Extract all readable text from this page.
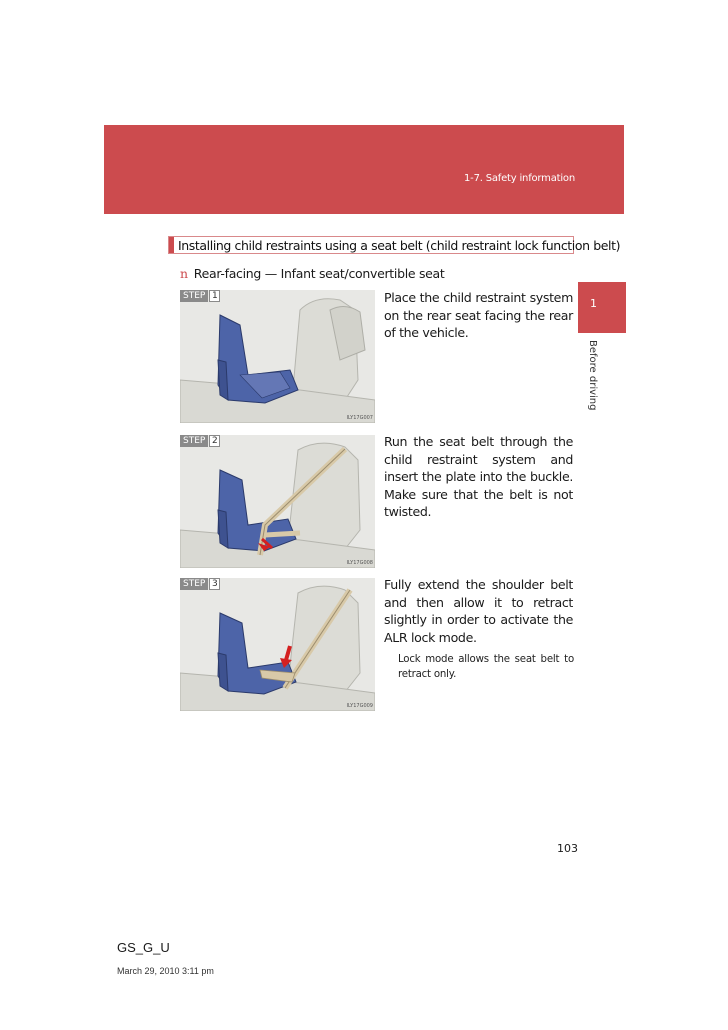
1-7. Safety information
1
Before driving
Installing child restraints using a seat belt (child restraint lock function belt)
n Rear-facing — Infant seat/convertible seat
STEP 1
ILY17G007
Place the child restraint system on the rear seat facing the rear of the vehicle.
STEP 2
ILY17G008
Run the seat belt through the child restraint system and insert the plate into the buckle. Make sure that the belt is not twisted.
STEP 3
ILY17G009
Fully extend the shoulder belt and then allow it to retract slightly in order to activate the ALR lock mode.
Lock mode allows the seat belt to retract only.
103
GS_G_U
March 29, 2010 3:11 pm
